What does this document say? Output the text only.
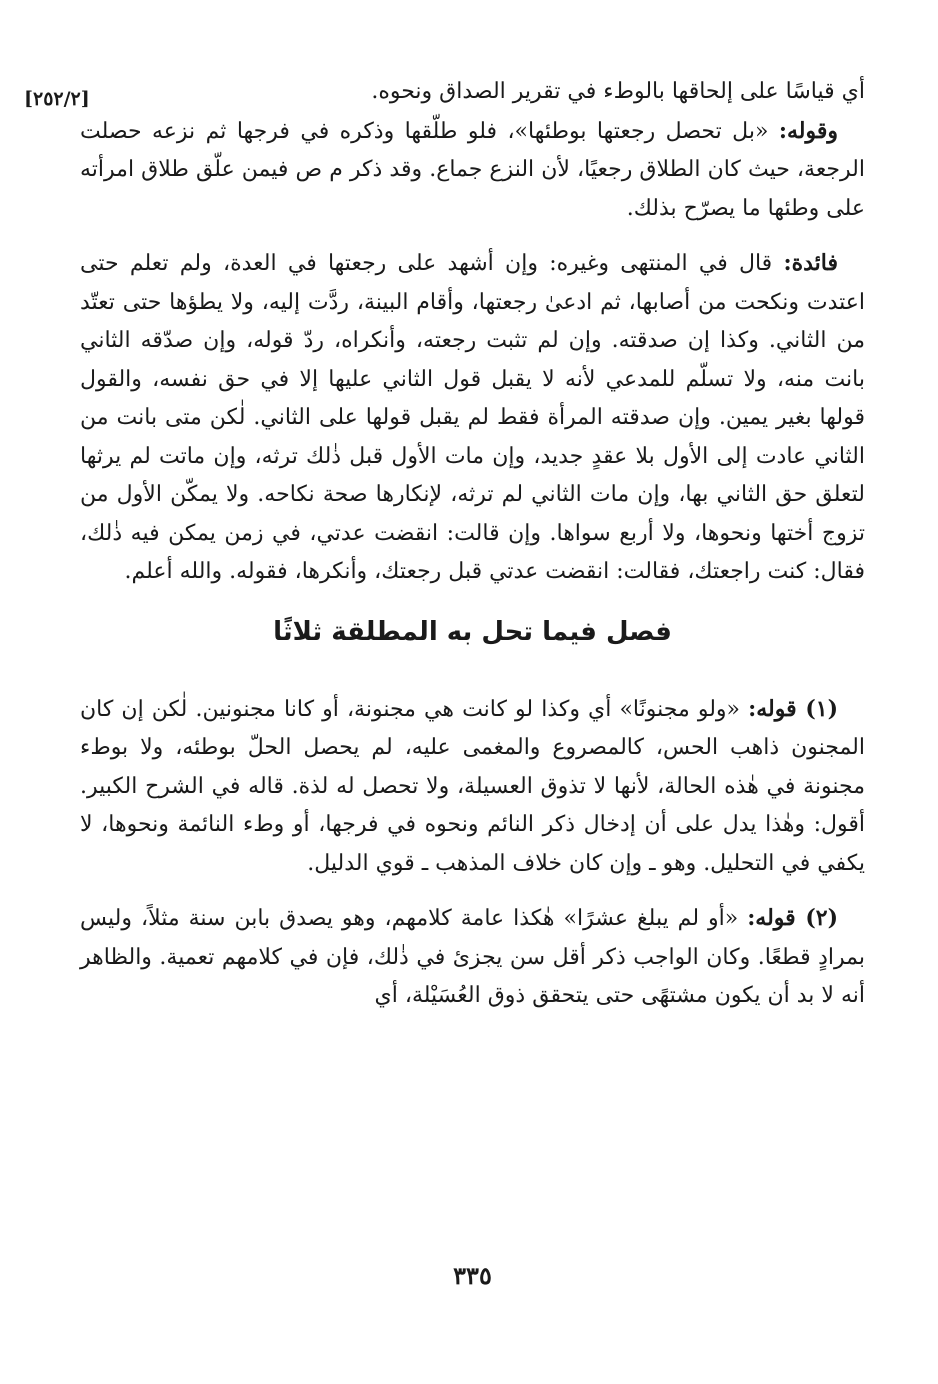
[٢٥٢/٢]	أي قياسًا على إلحاقها بالوطء في تقرير الصداق ونحوه.

وقوله: «بل تحصل رجعتها بوطئها»، فلو طلّقها وذكره في فرجها ثم نزعه حصلت الرجعة، حيث كان الطلاق رجعيًا، لأن النزع جماع. وقد ذكر م ص فيمن علّق طلاق امرأته على وطئها ما يصرّح بذلك.

فائدة: قال في المنتهى وغيره: وإن أشهد على رجعتها في العدة، ولم تعلم حتى اعتدت ونكحت من أصابها، ثم ادعىٰ رجعتها، وأقام البينة، ردَّت إليه، ولا يطؤها حتى تعتّد من الثاني. وكذا إن صدقته. وإن لم تثبت رجعته، وأنكراه، ردّ قوله، وإن صدّقه الثاني بانت منه، ولا تسلّم للمدعي لأنه لا يقبل قول الثاني عليها إلا في حق نفسه، والقول قولها بغير يمين. وإن صدقته المرأة فقط لم يقبل قولها على الثاني. لٰكن متى بانت من الثاني عادت إلى الأول بلا عقدٍ جديد، وإن مات الأول قبل ذٰلك ترثه، وإن ماتت لم يرثها لتعلق حق الثاني بها، وإن مات الثاني لم ترثه، لإنكارها صحة نكاحه. ولا يمكّن الأول من تزوج أختها ونحوها، ولا أربع سواها. وإن قالت: انقضت عدتي، في زمن يمكن فيه ذٰلك، فقال: كنت راجعتك، فقالت: انقضت عدتي قبل رجعتك، وأنكرها، فقوله. والله أعلم.

فصل فيما تحل به المطلقة ثلاثًا

(١) قوله: «ولو مجنونًا» أي وكذا لو كانت هي مجنونة، أو كانا مجنونين. لٰكن إن كان المجنون ذاهب الحس، كالمصروع والمغمى عليه، لم يحصل الحلّ بوطئه، ولا بوطء مجنونة في هٰذه الحالة، لأنها لا تذوق العسيلة، ولا تحصل له لذة. قاله في الشرح الكبير. أقول: وهٰذا يدل على أن إدخال ذكر النائم ونحوه في فرجها، أو وطء النائمة ونحوها، لا يكفي في التحليل. وهو ـ وإن كان خلاف المذهب ـ قوي الدليل.

(٢) قوله: «أو لم يبلغ عشرًا» هٰكذا عامة كلامهم، وهو يصدق بابن سنة مثلاً، وليس بمرادٍ قطعًا. وكان الواجب ذكر أقل سن يجزئ في ذٰلك، فإن في كلامهم تعمية. والظاهر أنه لا بد أن يكون مشتهًى حتى يتحقق ذوق العُسَيْلة، أي

٣٣٥
